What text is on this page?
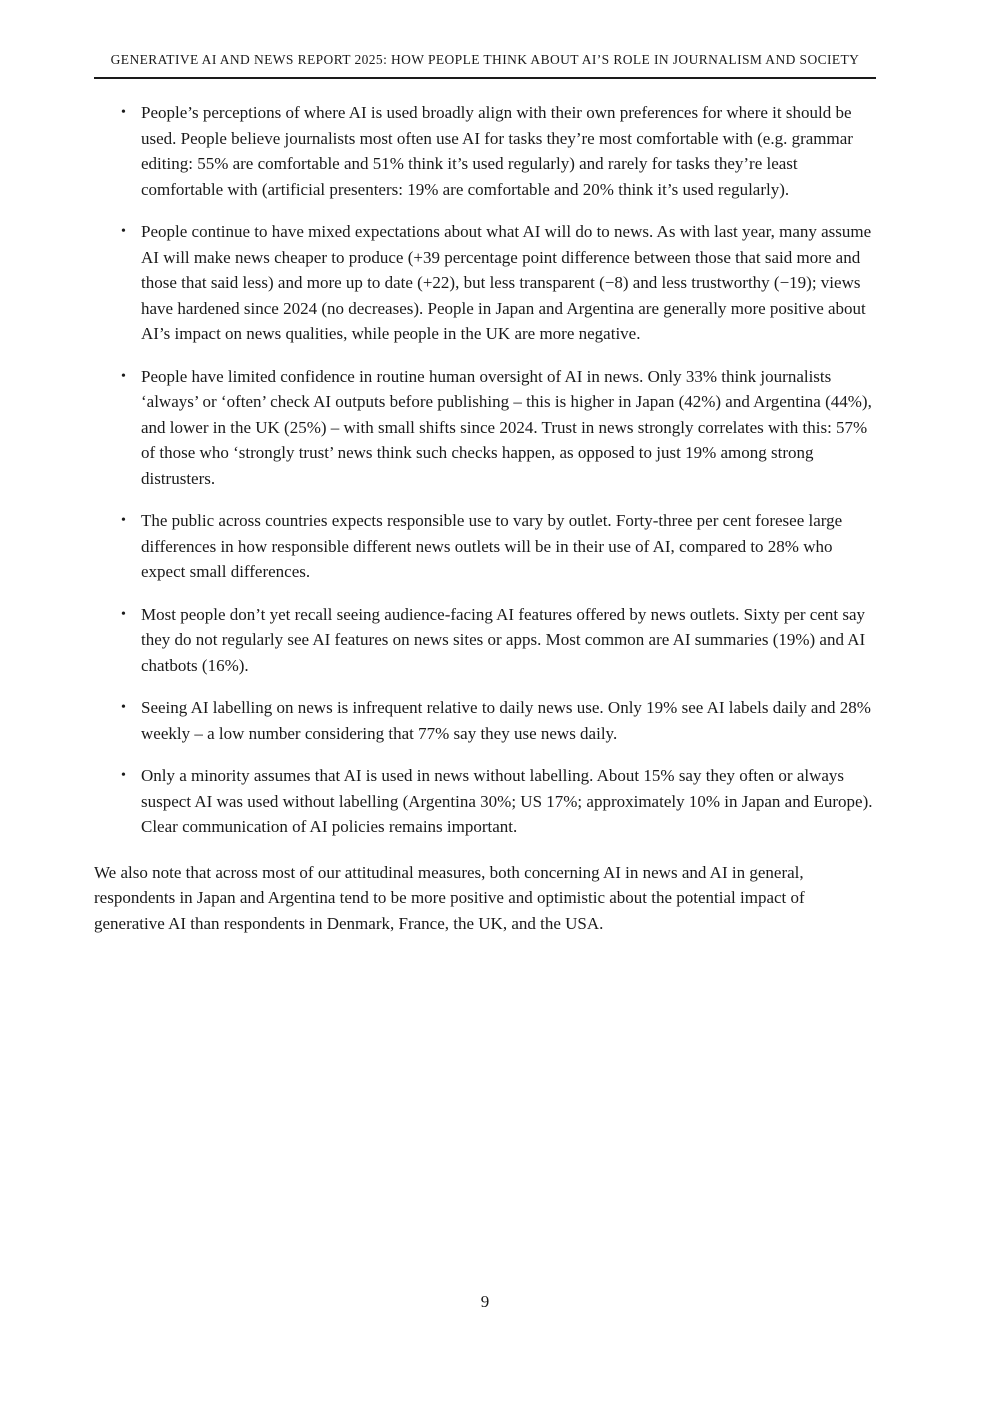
GENERATIVE AI AND NEWS REPORT 2025: HOW PEOPLE THINK ABOUT AI’S ROLE IN JOURNALISM AND SOCIETY
• People’s perceptions of where AI is used broadly align with their own preferences for where it should be used. People believe journalists most often use AI for tasks they’re most comfortable with (e.g. grammar editing: 55% are comfortable and 51% think it’s used regularly) and rarely for tasks they’re least comfortable with (artificial presenters: 19% are comfortable and 20% think it’s used regularly).
• People continue to have mixed expectations about what AI will do to news. As with last year, many assume AI will make news cheaper to produce (+39 percentage point difference between those that said more and those that said less) and more up to date (+22), but less transparent (−8) and less trustworthy (−19); views have hardened since 2024 (no decreases). People in Japan and Argentina are generally more positive about AI’s impact on news qualities, while people in the UK are more negative.
• People have limited confidence in routine human oversight of AI in news. Only 33% think journalists ‘always’ or ‘often’ check AI outputs before publishing – this is higher in Japan (42%) and Argentina (44%), and lower in the UK (25%) – with small shifts since 2024. Trust in news strongly correlates with this: 57% of those who ‘strongly trust’ news think such checks happen, as opposed to just 19% among strong distrusters.
• The public across countries expects responsible use to vary by outlet. Forty-three per cent foresee large differences in how responsible different news outlets will be in their use of AI, compared to 28% who expect small differences.
• Most people don’t yet recall seeing audience-facing AI features offered by news outlets. Sixty per cent say they do not regularly see AI features on news sites or apps. Most common are AI summaries (19%) and AI chatbots (16%).
• Seeing AI labelling on news is infrequent relative to daily news use. Only 19% see AI labels daily and 28% weekly – a low number considering that 77% say they use news daily.
• Only a minority assumes that AI is used in news without labelling. About 15% say they often or always suspect AI was used without labelling (Argentina 30%; US 17%; approximately 10% in Japan and Europe). Clear communication of AI policies remains important.

We also note that across most of our attitudinal measures, both concerning AI in news and AI in general, respondents in Japan and Argentina tend to be more positive and optimistic about the potential impact of generative AI than respondents in Denmark, France, the UK, and the USA.

9
